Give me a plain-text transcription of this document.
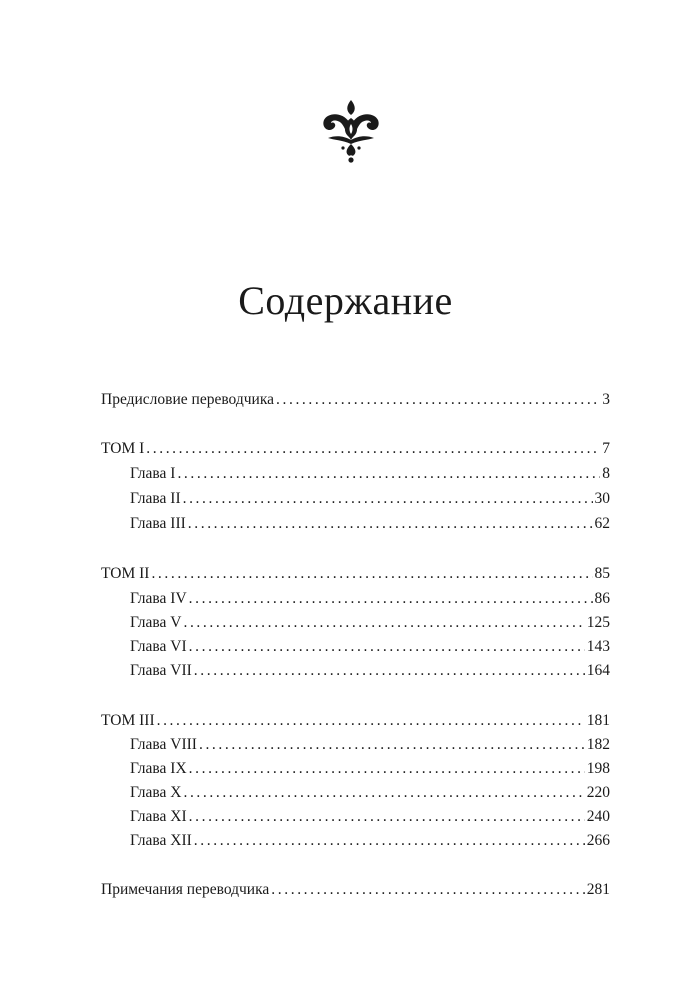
Содержание
Предисловие переводчика .....	3
ТОМ I .....	7
Глава I .....	8
Глава II .....	30
Глава III .....	62
ТОМ II .....	85
Глава IV .....	86
Глава V .....	125
Глава VI .....	143
Глава VII .....	164
ТОМ III .....	181
Глава VIII .....	182
Глава IX .....	198
Глава X .....	220
Глава XI .....	240
Глава XII .....	266
Примечания переводчика .....	281
